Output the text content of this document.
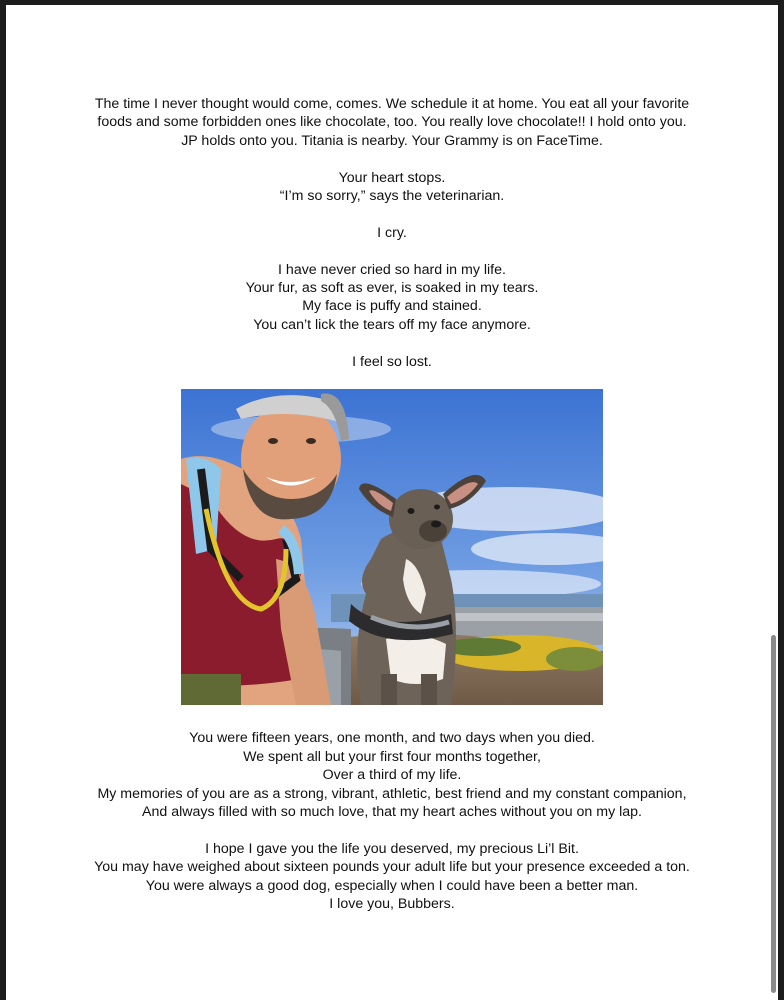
The time I never thought would come, comes. We schedule it at home. You eat all your favorite
foods and some forbidden ones like chocolate, too. You really love chocolate!! I hold onto you.
JP holds onto you. Titania is nearby. Your Grammy is on FaceTime.

Your heart stops.
“I’m so sorry,” says the veterinarian.

I cry.

I have never cried so hard in my life.
Your fur, as soft as ever, is soaked in my tears.
My face is puffy and stained.
You can’t lick the tears off my face anymore.

I feel so lost.

You were fifteen years, one month, and two days when you died.
We spent all but your first four months together,
Over a third of my life.
My memories of you are as a strong, vibrant, athletic, best friend and my constant companion,
And always filled with so much love, that my heart aches without you on my lap.

I hope I gave you the life you deserved, my precious Li’l Bit.
You may have weighed about sixteen pounds your adult life but your presence exceeded a ton.
You were always a good dog, especially when I could have been a better man.
I love you, Bubbers.
